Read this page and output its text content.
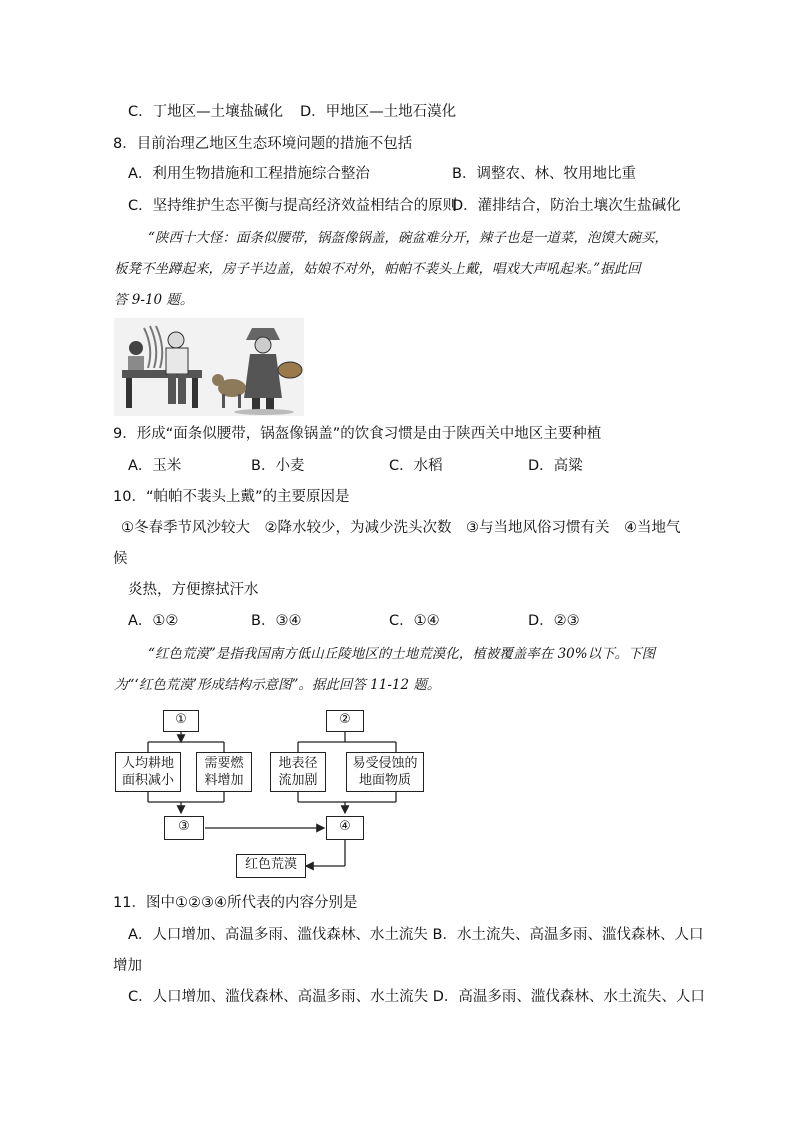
C．丁地区—土壤盐碱化 D．甲地区—土地石漠化
8．目前治理乙地区生态环境问题的措施不包括
A．利用生物措施和工程措施综合整治	B．调整农、林、牧用地比重
C．坚持维护生态平衡与提高经济效益相结合的原则
D．灌排结合，防治土壤次生盐碱化
“陕西十大怪：面条似腰带，锅盔像锅盖，碗盆难分开，辣子也是一道菜，泡馍大碗买，
板凳不坐蹲起来，房子半边盖，姑娘不对外，帕帕不裴头上戴，唱戏大声吼起来。”据此回
答 9-10 题。
9．形成“面条似腰带，锅盔像锅盖”的饮食习惯是由于陕西关中地区主要种植
A．玉米	B．小麦	C．水稻	D．高粱
10．“帕帕不裴头上戴”的主要原因是
①冬春季节风沙较大　②降水较少，为减少洗头次数　③与当地风俗习惯有关　④当地气
候
炎热，方便擦拭汗水
A．①②	B．③④	C．①④	D．②③
“红色荒漠”是指我国南方低山丘陵地区的土地荒漠化，植被覆盖率在 30%以下。下图
为“‘红色荒漠’形成结构示意图”。据此回答 11-12 题。
①	②
人均耕地
面积减小
需要燃
料增加
地表径
流加剧
易受侵蚀的
地面物质
③	④
红色荒漠
11．图中①②③④所代表的内容分别是
A．人口增加、高温多雨、滥伐森林、水土流失 B．水土流失、高温多雨、滥伐森林、人口
增加
C．人口增加、滥伐森林、高温多雨、水土流失 D．高温多雨、滥伐森林、水土流失、人口
